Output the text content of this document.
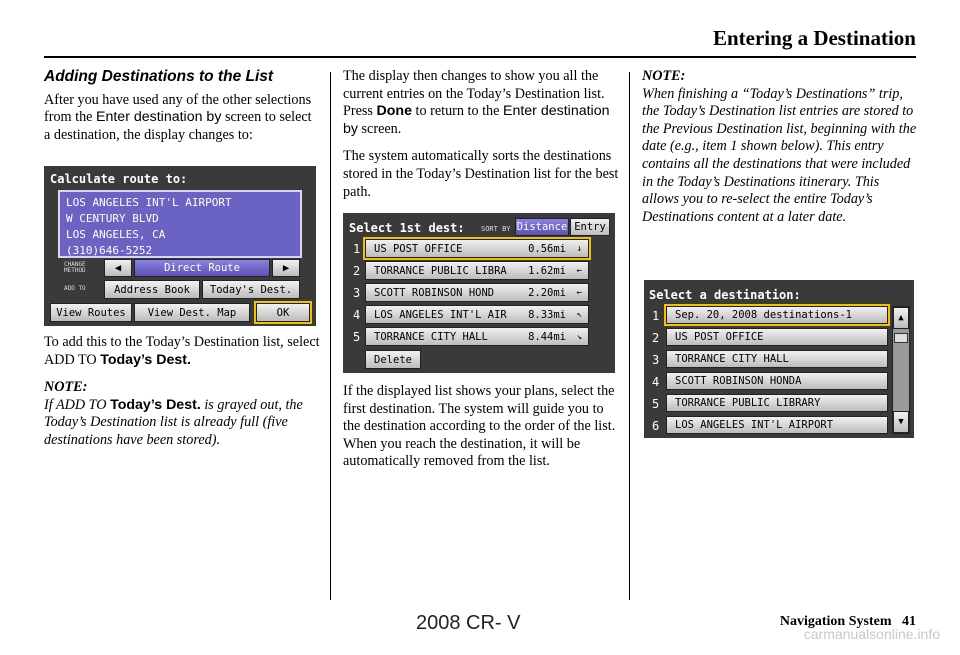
Entering a Destination
Adding Destinations to the List

After you have used any of the other selections from the Enter destination by screen to select a destination, the display changes to:

Calculate route to:
LOS ANGELES INT'L AIRPORT
W CENTURY BLVD
LOS ANGELES, CA
(310)646-5252
CHANGE METHOD	◀	Direct Route	▶
ADD TO	Address Book	Today's Dest.
View Routes	View Dest. Map	OK

To add this to the Today’s Destination list, select ADD TO Today’s Dest.

NOTE:
If ADD TO Today’s Dest. is grayed out, the Today’s Destination list is already full (five destinations have been stored).

The display then changes to show you all the current entries on the Today’s Destination list. Press Done to return to the Enter destination by screen.

The system automatically sorts the destinations stored in the Today’s Destination list for the best path.

Select 1st dest: SORT BY Distance Entry
1 US POST OFFICE	0.56mi ↓
2 TORRANCE PUBLIC LIBRA 1.62mi ←
3 SCOTT ROBINSON HOND	2.20mi ←
4 LOS ANGELES INT'L AIR 8.33mi ↖
5 TORRANCE CITY HALL	8.44mi ↘
Delete

If the displayed list shows your plans, select the first destination. The system will guide you to the destination according to the order of the list. When you reach the destination, it will be automatically removed from the list.

NOTE:
When finishing a “Today’s Destinations” trip, the Today’s Destination list entries are stored to the Previous Destination list, beginning with the date (e.g., item 1 shown below). This entry contains all the destinations that were included in the Today’s Destinations itinerary. This allows you to re-select the entire Today’s Destinations content at a later date.
Select a destination:
1	Sep. 20, 2008 destinations-1
2	US POST OFFICE
3	TORRANCE CITY HALL
4	SCOTT ROBINSON HONDA
5	TORRANCE PUBLIC LIBRARY
6	LOS ANGELES INT'L AIRPORT
▲
▼
Navigation System 41
2008 CR- V	carmanualsonline.info
